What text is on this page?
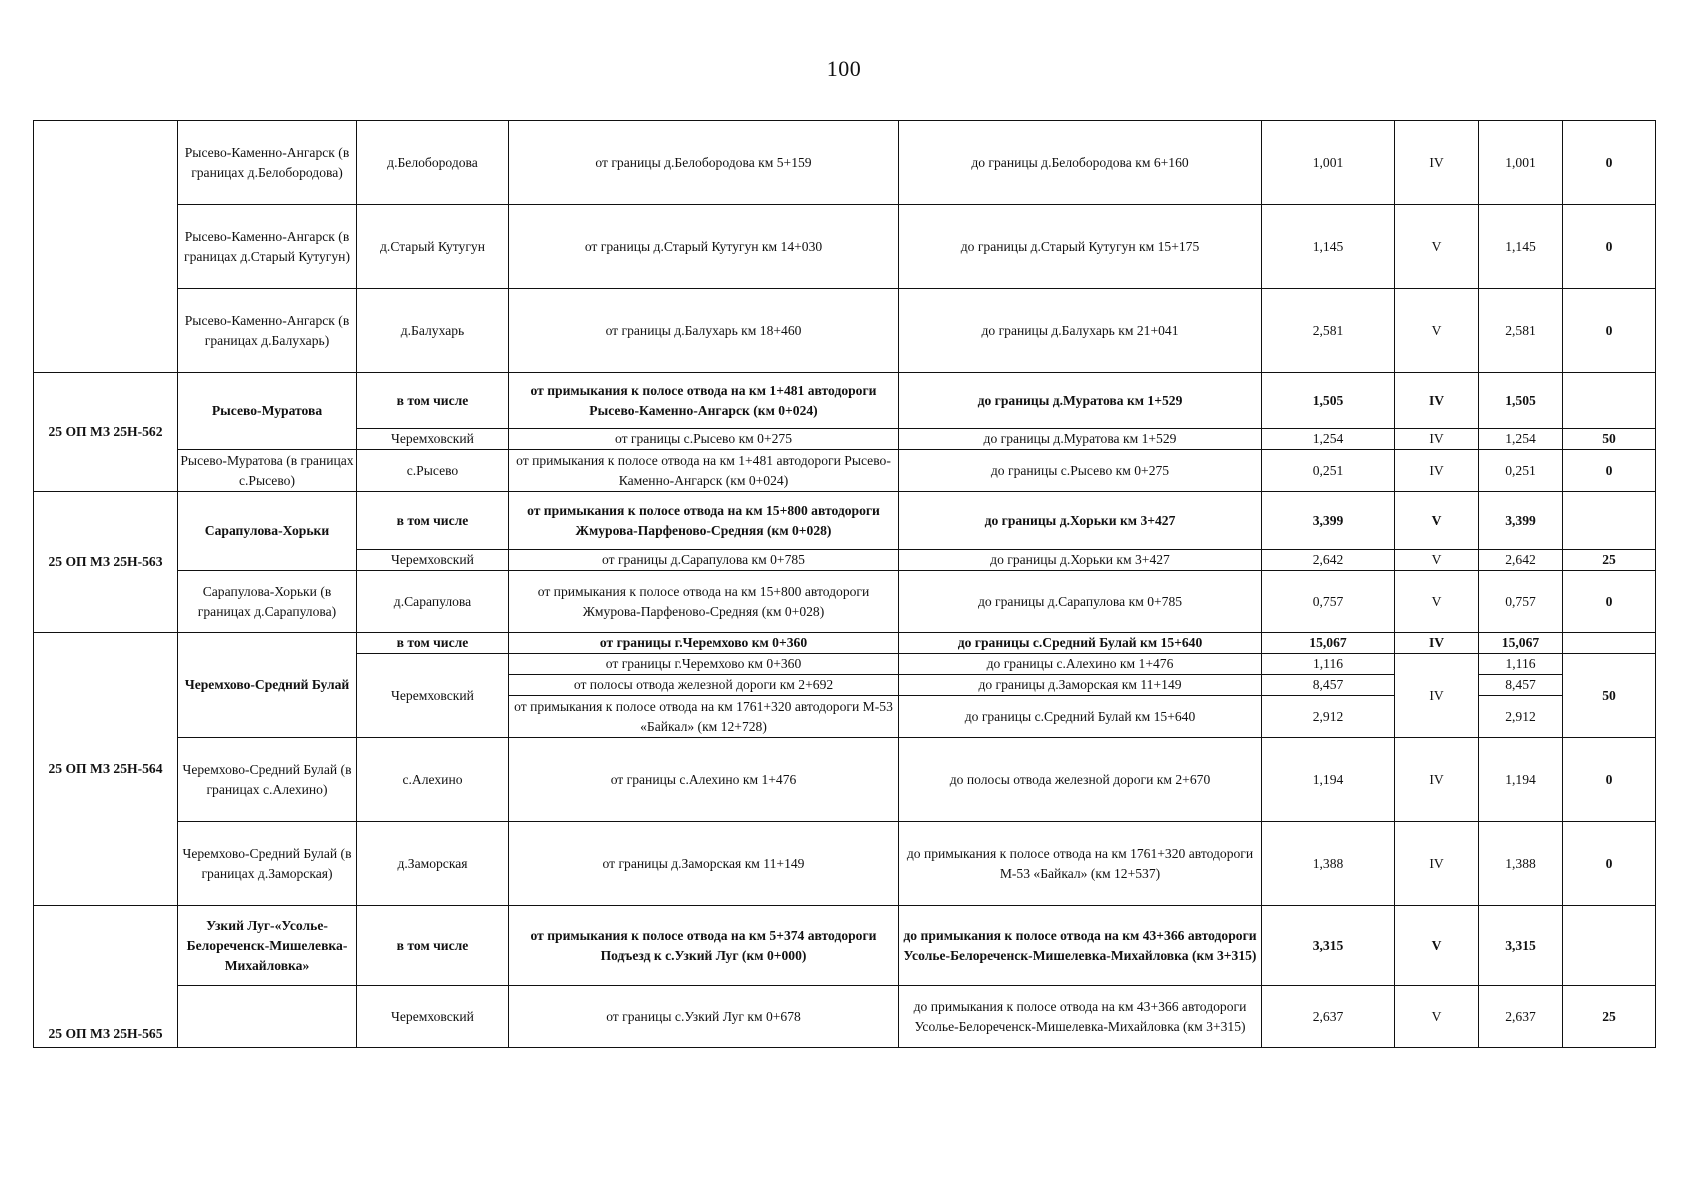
100
	Рысево-Каменно-Ангарск (в границах д.Белобородова)	д.Белобородова	от границы д.Белобородова км 5+159	до границы д.Белобородова км 6+160	1,001	IV	1,001	0
	Рысево-Каменно-Ангарск (в границах д.Старый Кутугун)	д.Старый Кутугун	от границы д.Старый Кутугун км 14+030	до границы д.Старый Кутугун км 15+175	1,145	V	1,145	0
	Рысево-Каменно-Ангарск (в границах д.Балухарь)	д.Балухарь	от границы д.Балухарь км 18+460	до границы д.Балухарь км 21+041	2,581	V	2,581	0
25 ОП МЗ 25Н-562	Рысево-Муратова	в том числе	от примыкания к полосе отвода на км 1+481 автодороги Рысево-Каменно-Ангарск (км 0+024)	до границы д.Муратова км 1+529	1,505	IV	1,505	
		Черемховский	от границы с.Рысево км 0+275	до границы д.Муратова км 1+529	1,254	IV	1,254	50
	Рысево-Муратова (в границах с.Рысево)	с.Рысево	от примыкания к полосе отвода на км 1+481 автодороги Рысево-Каменно-Ангарск (км 0+024)	до границы с.Рысево км 0+275	0,251	IV	0,251	0
25 ОП МЗ 25Н-563	Сарапулова-Хорьки	в том числе	от примыкания к полосе отвода на км 15+800 автодороги Жмурова-Парфеново-Средняя (км 0+028)	до границы д.Хорьки км 3+427	3,399	V	3,399	
		Черемховский	от границы д.Сарапулова км 0+785	до границы д.Хорьки км 3+427	2,642	V	2,642	25
	Сарапулова-Хорьки (в границах д.Сарапулова)	д.Сарапулова	от примыкания к полосе отвода на км 15+800 автодороги Жмурова-Парфеново-Средняя (км 0+028)	до границы д.Сарапулова км 0+785	0,757	V	0,757	0
25 ОП МЗ 25Н-564	Черемхово-Средний Булай	в том числе	от границы г.Черемхово км 0+360	до границы с.Средний Булай км 15+640	15,067	IV	15,067	
		Черемховский	от границы г.Черемхово км 0+360	до границы с.Алехино км 1+476	1,116	IV	1,116	50
			от полосы отвода железной дороги км 2+692	до границы д.Заморская км 11+149	8,457		8,457	
			от примыкания к полосе отвода на км 1761+320 автодороги М-53 «Байкал» (км 12+728)	до границы с.Средний Булай км 15+640	2,912		2,912	
	Черемхово-Средний Булай (в границах с.Алехино)	с.Алехино	от границы с.Алехино км 1+476	до полосы отвода железной дороги км 2+670	1,194	IV	1,194	0
	Черемхово-Средний Булай (в границах д.Заморская)	д.Заморская	от границы д.Заморская км 11+149	до примыкания к полосе отвода на км 1761+320 автодороги М-53 «Байкал» (км 12+537)	1,388	IV	1,388	0
25 ОП МЗ 25Н-565	Узкий Луг-«Усолье-Белореченск-Мишелевка-Михайловка»	в том числе	от примыкания к полосе отвода на км 5+374 автодороги Подъезд к с.Узкий Луг (км 0+000)	до примыкания к полосе отвода на км 43+366 автодороги Усолье-Белореченск-Мишелевка-Михайловка (км 3+315)	3,315	V	3,315	
		Черемховский	от границы с.Узкий Луг км 0+678	до примыкания к полосе отвода на км 43+366 автодороги Усолье-Белореченск-Мишелевка-Михайловка (км 3+315)	2,637	V	2,637	25
